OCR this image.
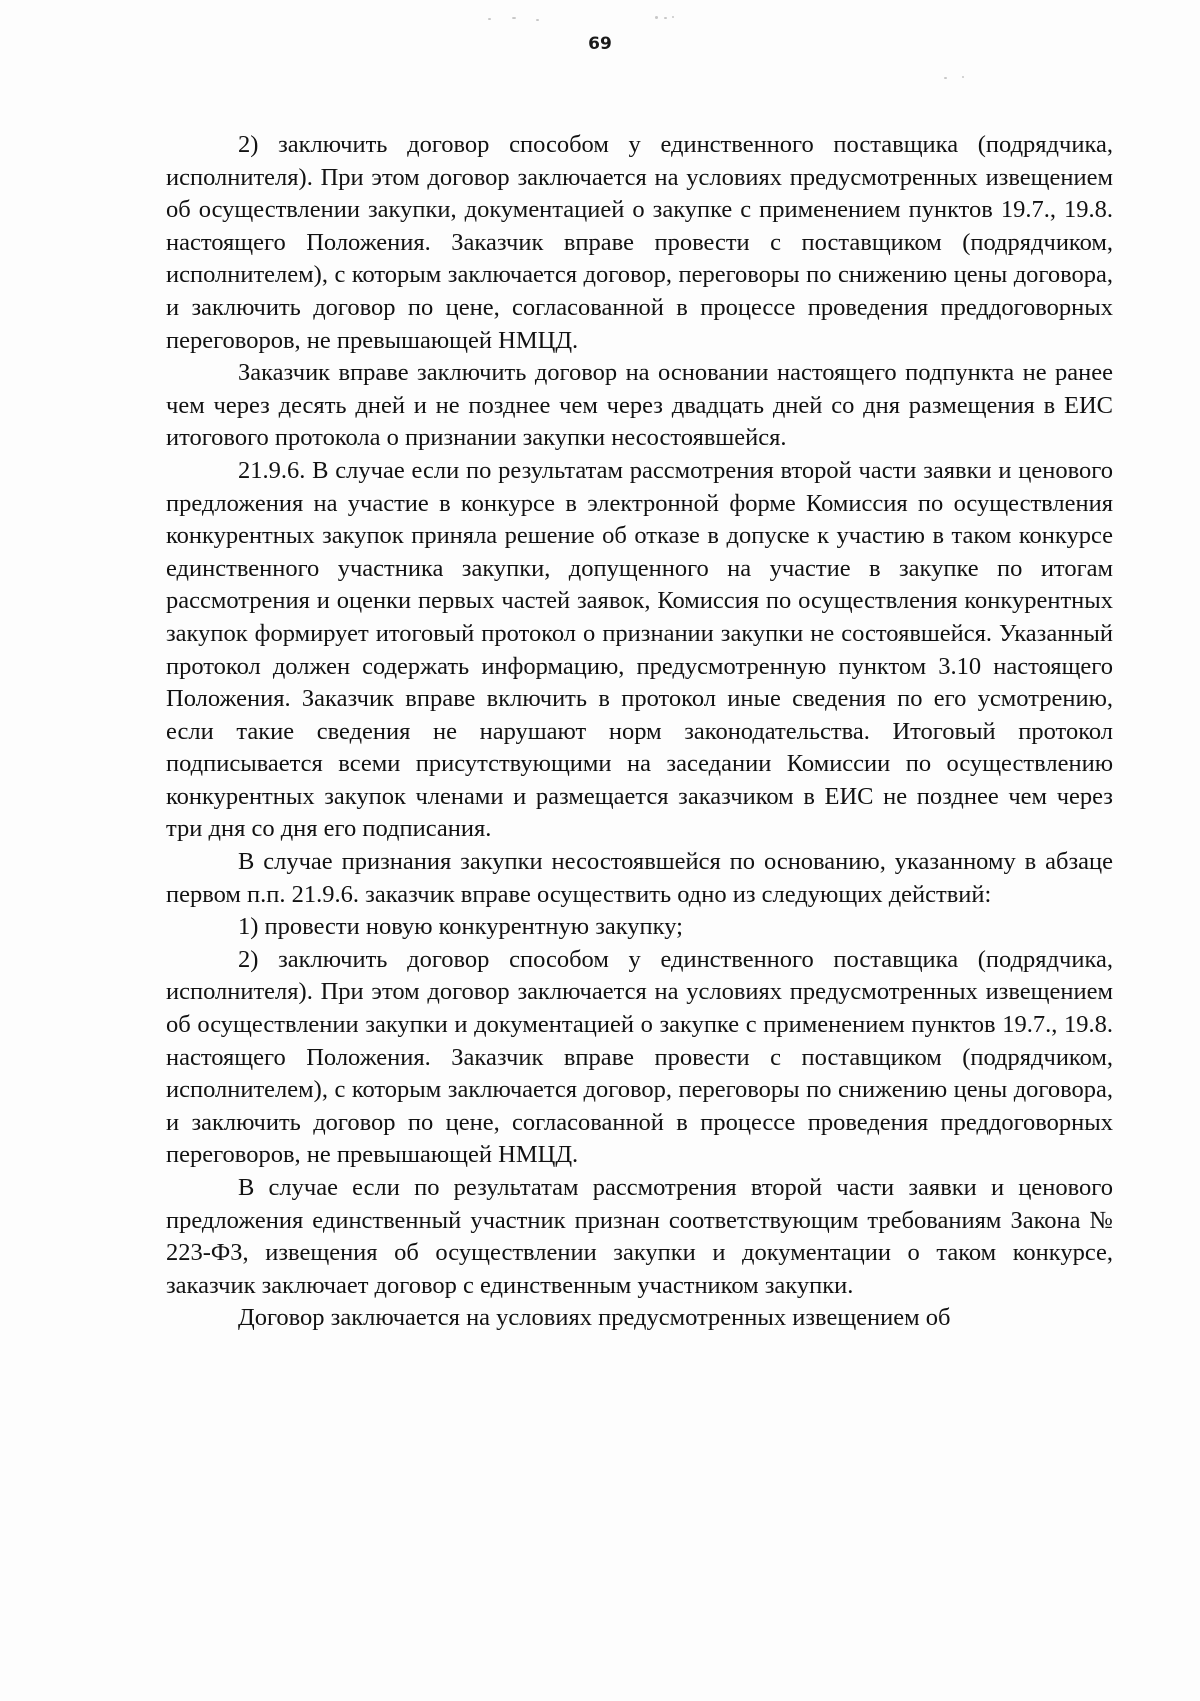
69

2) заключить договор способом у единственного поставщика (подрядчика, исполнителя). При этом договор заключается на условиях предусмотренных извещением об осуществлении закупки, документацией о закупке с применением пунктов 19.7., 19.8. настоящего Положения. Заказчик вправе провести с поставщиком (подрядчиком, исполнителем), с которым заключается договор, переговоры по снижению цены договора, и заключить договор по цене, согласованной в процессе проведения преддоговорных переговоров, не превышающей НМЦД.

Заказчик вправе заключить договор на основании настоящего подпункта не ранее чем через десять дней и не позднее чем через двадцать дней со дня размещения в ЕИС итогового протокола о признании закупки несостоявшейся.

21.9.6. В случае если по результатам рассмотрения второй части заявки и ценового предложения на участие в конкурсе в электронной форме Комиссия по осуществления конкурентных закупок приняла решение об отказе в допуске к участию в таком конкурсе единственного участника закупки, допущенного на участие в закупке по итогам рассмотрения и оценки первых частей заявок, Комиссия по осуществления конкурентных закупок формирует итоговый протокол о признании закупки не состоявшейся. Указанный протокол должен содержать информацию, предусмотренную пунктом 3.10 настоящего Положения. Заказчик вправе включить в протокол иные сведения по его усмотрению, если такие сведения не нарушают норм законодательства. Итоговый протокол подписывается всеми присутствующими на заседании Комиссии по осуществлению конкурентных закупок членами и размещается заказчиком в ЕИС не позднее чем через три дня со дня его подписания.

В случае признания закупки несостоявшейся по основанию, указанному в абзаце первом п.п. 21.9.6. заказчик вправе осуществить одно из следующих действий:

1) провести новую конкурентную закупку;

2) заключить договор способом у единственного поставщика (подрядчика, исполнителя). При этом договор заключается на условиях предусмотренных извещением об осуществлении закупки и документацией о закупке с применением пунктов 19.7., 19.8. настоящего Положения. Заказчик вправе провести с поставщиком (подрядчиком, исполнителем), с которым заключается договор, переговоры по снижению цены договора, и заключить договор по цене, согласованной в процессе проведения преддоговорных переговоров, не превышающей НМЦД.

В случае если по результатам рассмотрения второй части заявки и ценового предложения единственный участник признан соответствующим требованиям Закона № 223-ФЗ, извещения об осуществлении закупки и документации о таком конкурсе, заказчик заключает договор с единственным участником закупки.

Договор заключается на условиях предусмотренных извещением об
